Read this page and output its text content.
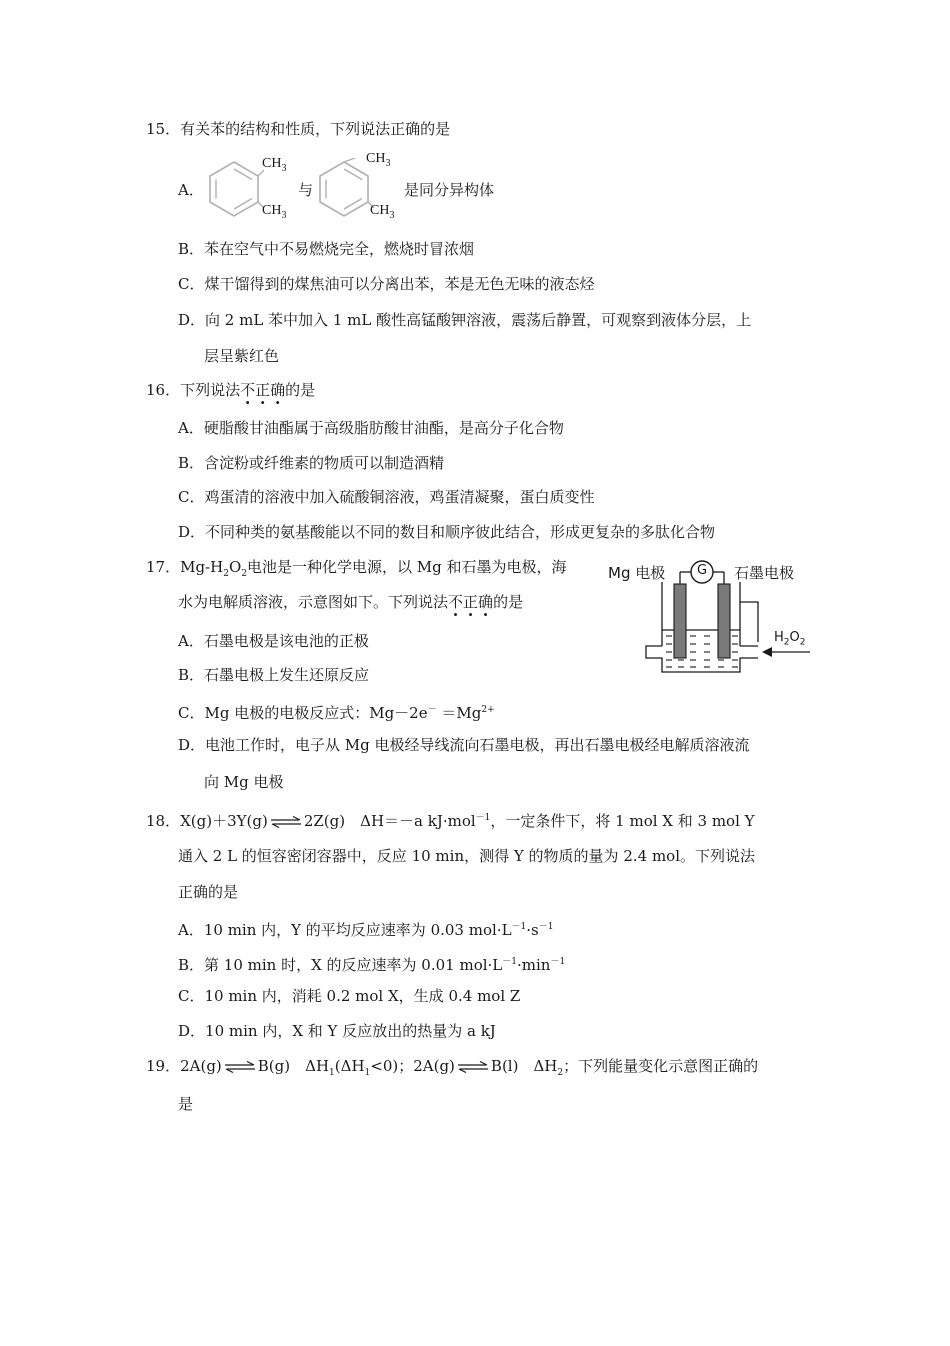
15．有关苯的结构和性质，下列说法正确的是
A．
$CH_3$
$CH_3$
与
$CH_3$
$CH_3$
是同分异构体
B．苯在空气中不易燃烧完全，燃烧时冒浓烟
C．煤干馏得到的煤焦油可以分离出苯，苯是无色无味的液态烃
D．向 2 mL 苯中加入 1 mL 酸性高锰酸钾溶液，震荡后静置，可观察到液体分层，上
层呈紫红色
16．下列说法不正确的是
A．硬脂酸甘油酯属于高级脂肪酸甘油酯，是高分子化合物
B．含淀粉或纤维素的物质可以制造酒精
C．鸡蛋清的溶液中加入硫酸铜溶液，鸡蛋清凝聚，蛋白质变性
D．不同种类的氨基酸能以不同的数目和顺序彼此结合，形成更复杂的多肽化合物
17．$Mg-H_2O_2$电池是一种化学电源，以 Mg 和石墨为电极，海
水为电解质溶液，示意图如下。下列说法不正确的是
Mg 电极 G 石墨电极
$H_2O_2$
A．石墨电极是该电池的正极
B．石墨电极上发生还原反应
C．Mg 电极的电极反应式：$Mg-2e^- =Mg^{2+}$
D．电池工作时，电子从 Mg 电极经导线流向石墨电极，再出石墨电极经电解质溶液流
向 Mg 电极
18．X(g)＋3Y(g)⇌2Z(g)　ΔH＝－a kJ·mol$^{-1}$，一定条件下，将 1 mol X 和 3 mol Y
通入 2 L 的恒容密闭容器中，反应 10 min，测得 Y 的物质的量为 2.4 mol。下列说法
正确的是
A．10 min 内，Y 的平均反应速率为 0.03 $mol\cdot L^{-1}\cdot s^{-1}$
B．第 10 min 时，X 的反应速率为 0.01 $mol\cdot L^{-1}\cdot\min^{-1}$
C．10 min 内，消耗 0.2 mol X，生成 0.4 mol Z
D．10 min 内，X 和 Y 反应放出的热量为 a kJ
19．2A(g)⇌B(g)　$\Delta H_1(\Delta H_1<0)$；2A(g)⇌B(l)　$\Delta H_2$；下列能量变化示意图正确的
是
